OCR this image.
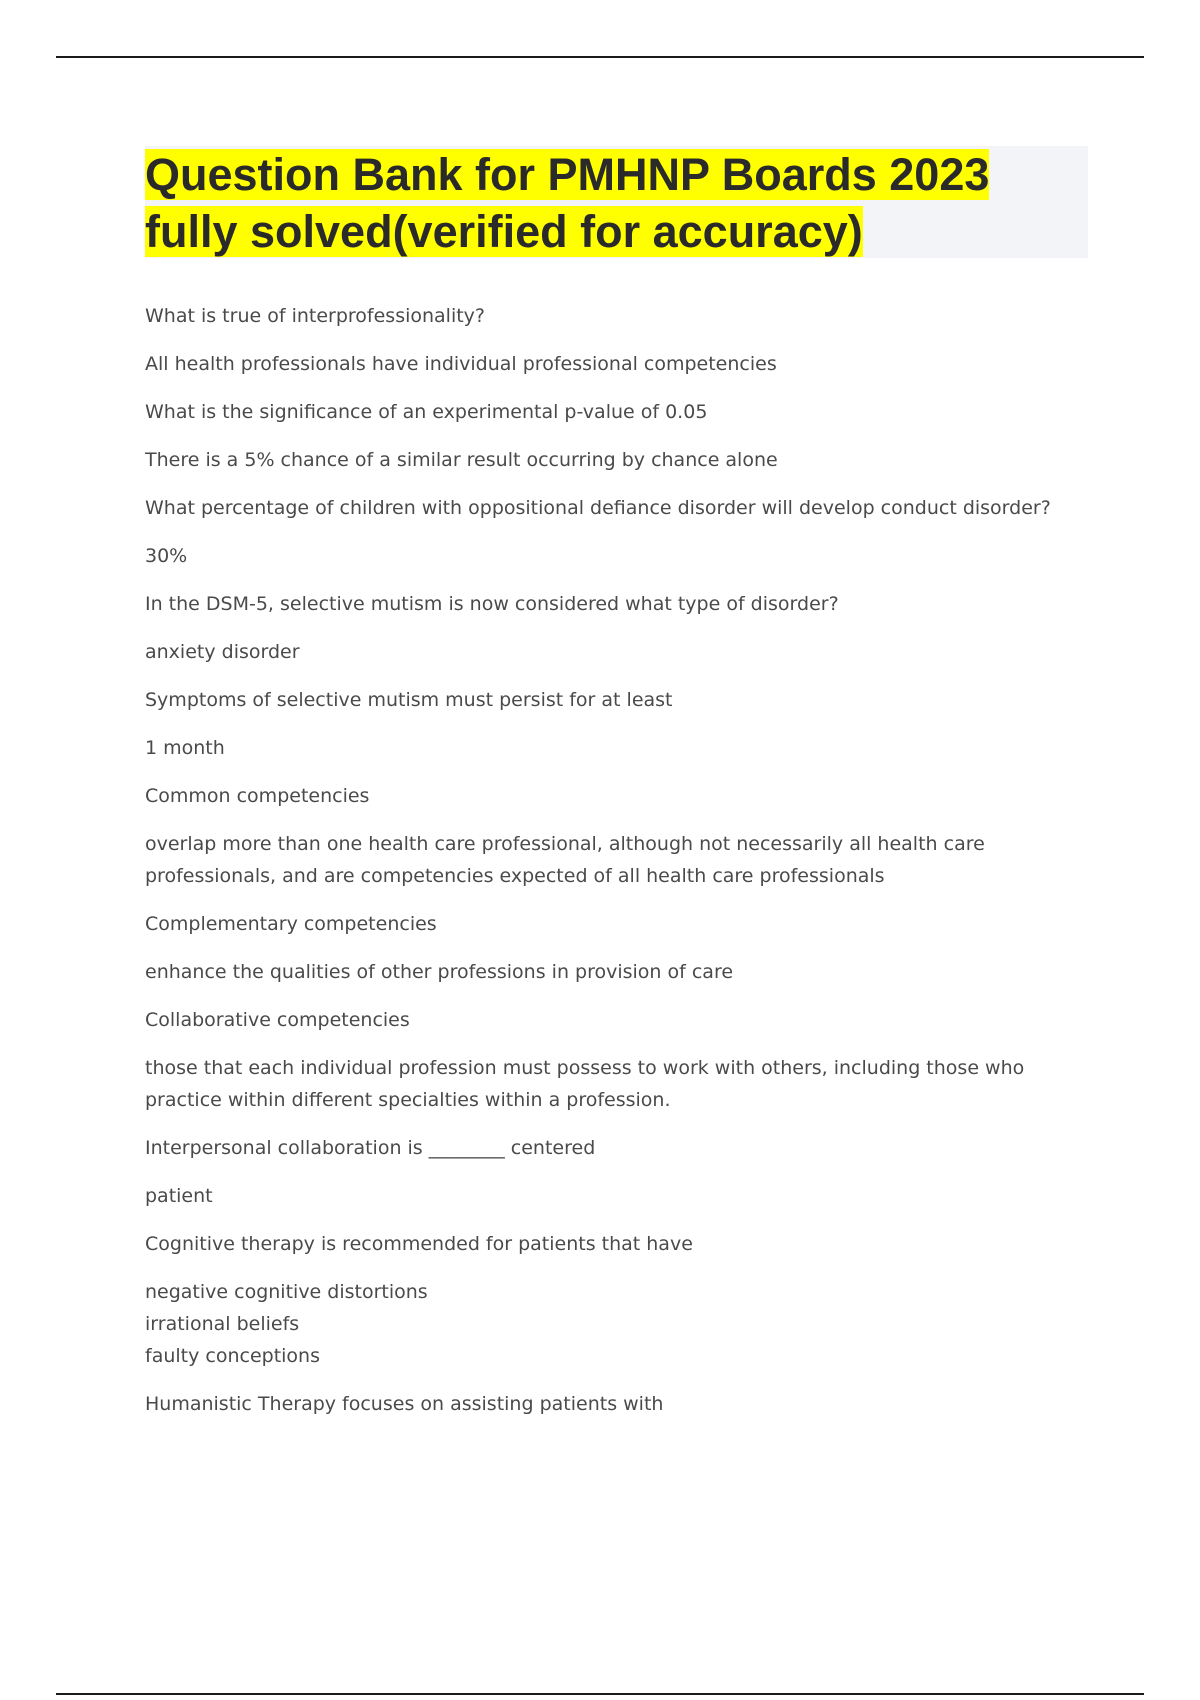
Question Bank for PMHNP Boards 2023
fully solved(verified for accuracy)

What is true of interprofessionality?

All health professionals have individual professional competencies

What is the significance of an experimental p-value of 0.05

There is a 5% chance of a similar result occurring by chance alone

What percentage of children with oppositional defiance disorder will develop conduct disorder?

30%

In the DSM-5, selective mutism is now considered what type of disorder?

anxiety disorder

Symptoms of selective mutism must persist for at least

1 month

Common competencies

overlap more than one health care professional, although not necessarily all health care
professionals, and are competencies expected of all health care professionals

Complementary competencies

enhance the qualities of other professions in provision of care

Collaborative competencies

those that each individual profession must possess to work with others, including those who
practice within different specialties within a profession.

Interpersonal collaboration is ________ centered

patient

Cognitive therapy is recommended for patients that have

negative cognitive distortions
irrational beliefs
faulty conceptions

Humanistic Therapy focuses on assisting patients with
